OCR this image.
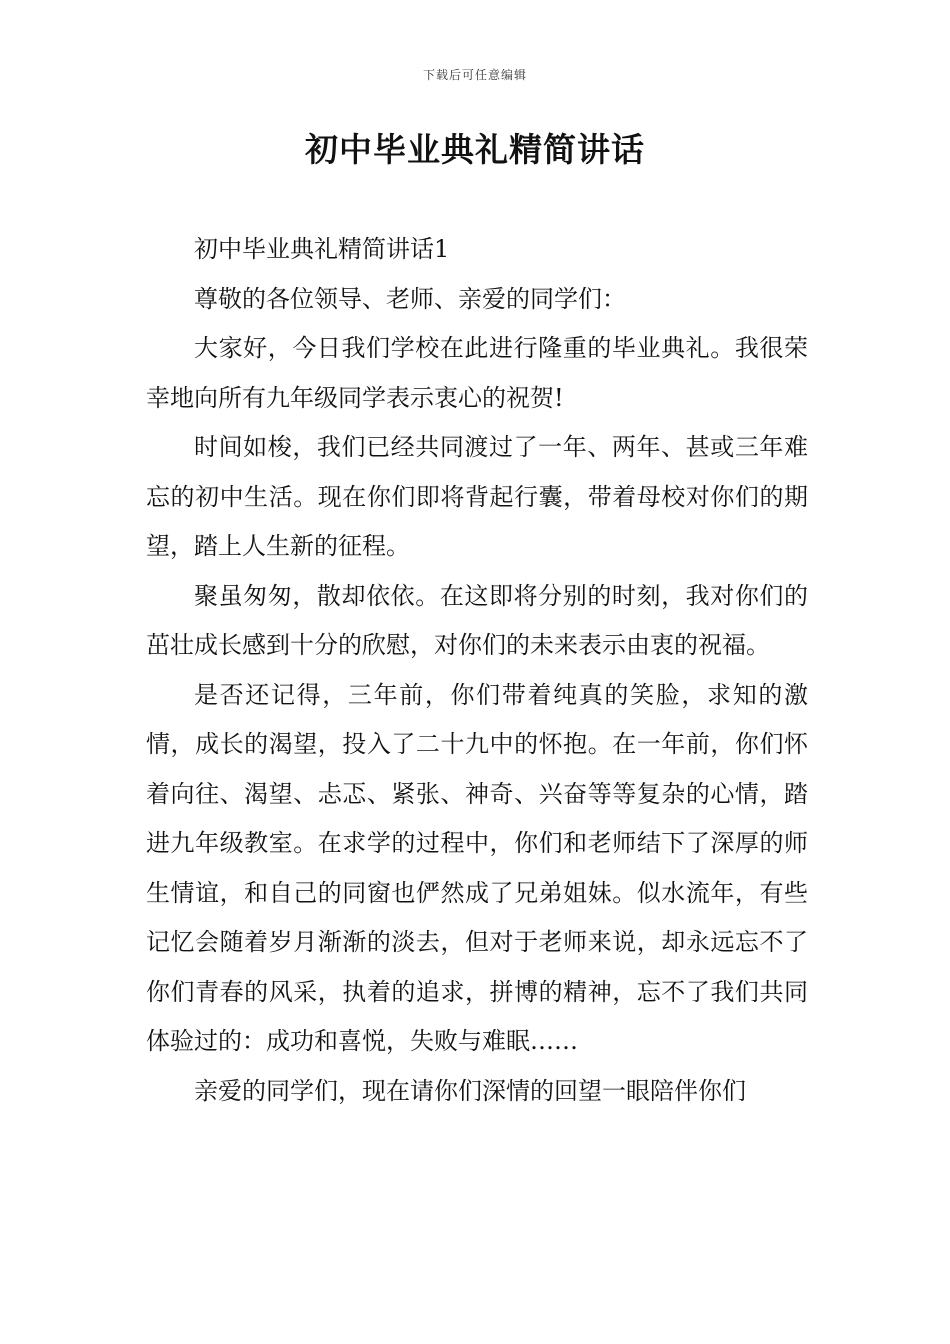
下载后可任意编辑
初中毕业典礼精简讲话

初中毕业典礼精简讲话1

尊敬的各位领导、老师、亲爱的同学们：

大家好，今日我们学校在此进行隆重的毕业典礼。我很荣幸地向所有九年级同学表示衷心的祝贺!

时间如梭，我们已经共同渡过了一年、两年、甚或三年难忘的初中生活。现在你们即将背起行囊，带着母校对你们的期望，踏上人生新的征程。

聚虽匆匆，散却依依。在这即将分别的时刻，我对你们的茁壮成长感到十分的欣慰，对你们的未来表示由衷的祝福。

是否还记得，三年前，你们带着纯真的笑脸，求知的激情，成长的渴望，投入了二十九中的怀抱。在一年前，你们怀着向往、渴望、忐忑、紧张、神奇、兴奋等等复杂的心情，踏进九年级教室。在求学的过程中，你们和老师结下了深厚的师生情谊，和自己的同窗也俨然成了兄弟姐妹。似水流年，有些记忆会随着岁月渐渐的淡去，但对于老师来说，却永远忘不了你们青春的风采，执着的追求，拼博的精神，忘不了我们共同体验过的：成功和喜悦，失败与难眠……

亲爱的同学们，现在请你们深情的回望一眼陪伴你们
